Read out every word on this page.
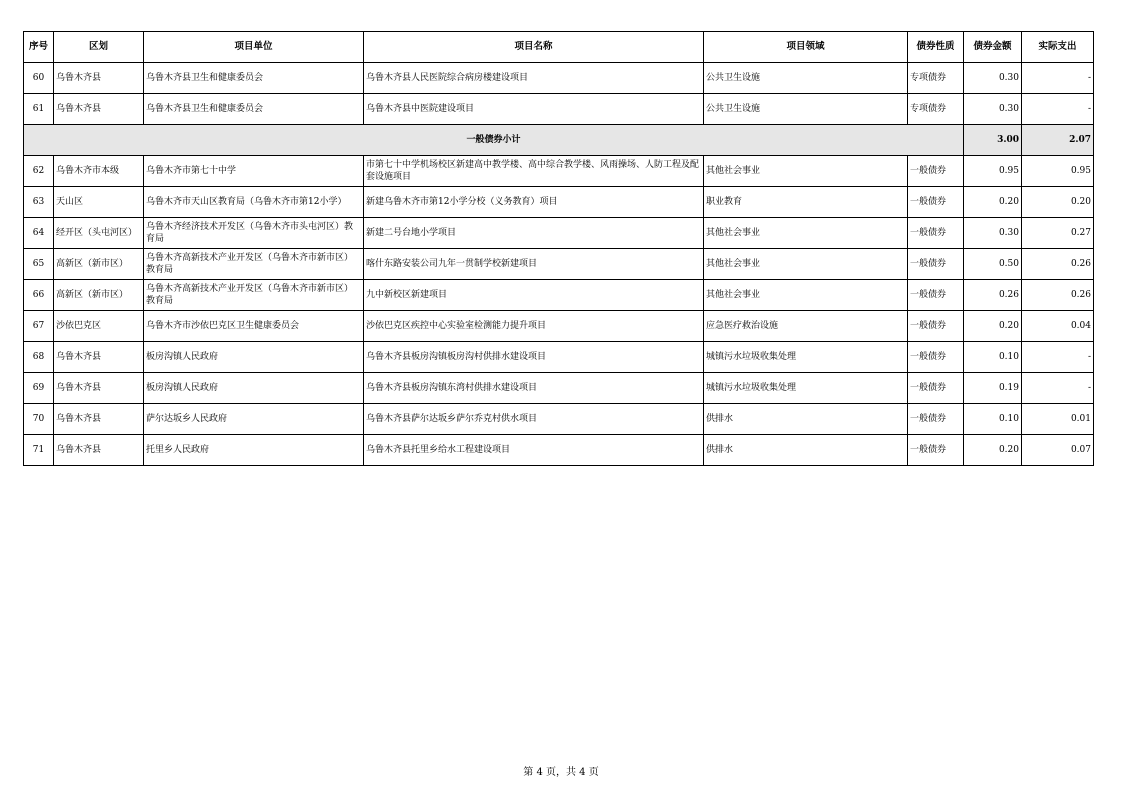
序号	区划	项目单位	项目名称	项目领域	债券性质	债券金额	实际支出
60	乌鲁木齐县	乌鲁木齐县卫生和健康委员会	乌鲁木齐县人民医院综合病房楼建设项目	公共卫生设施	专项债券	0.30	-
61	乌鲁木齐县	乌鲁木齐县卫生和健康委员会	乌鲁木齐县中医院建设项目	公共卫生设施	专项债券	0.30	-
一般债券小计						3.00	2.07
62	乌鲁木齐市本级	乌鲁木齐市第七十中学	市第七十中学机场校区新建高中教学楼、高中综合教学楼、风雨操场、人防工程及配套设施项目	其他社会事业	一般债券	0.95	0.95
63	天山区	乌鲁木齐市天山区教育局（乌鲁木齐市第12小学）	新建乌鲁木齐市第12小学分校（义务教育）项目	职业教育	一般债券	0.20	0.20
64	经开区（头屯河区）	乌鲁木齐经济技术开发区（乌鲁木齐市头屯河区）教育局	新建二号台地小学项目	其他社会事业	一般债券	0.30	0.27
65	高新区（新市区）	乌鲁木齐高新技术产业开发区（乌鲁木齐市新市区）教育局	喀什东路安装公司九年一贯制学校新建项目	其他社会事业	一般债券	0.50	0.26
66	高新区（新市区）	乌鲁木齐高新技术产业开发区（乌鲁木齐市新市区）教育局	九中新校区新建项目	其他社会事业	一般债券	0.26	0.26
67	沙依巴克区	乌鲁木齐市沙依巴克区卫生健康委员会	沙依巴克区疾控中心实验室检测能力提升项目	应急医疗救治设施	一般债券	0.20	0.04
68	乌鲁木齐县	板房沟镇人民政府	乌鲁木齐县板房沟镇板房沟村供排水建设项目	城镇污水垃圾收集处理	一般债券	0.10	-
69	乌鲁木齐县	板房沟镇人民政府	乌鲁木齐县板房沟镇东湾村供排水建设项目	城镇污水垃圾收集处理	一般债券	0.19	-
70	乌鲁木齐县	萨尔达坂乡人民政府	乌鲁木齐县萨尔达坂乡萨尔乔克村供水项目	供排水	一般债券	0.10	0.01
71	乌鲁木齐县	托里乡人民政府	乌鲁木齐县托里乡给水工程建设项目	供排水	一般债券	0.20	0.07
第 4 页，共 4 页
